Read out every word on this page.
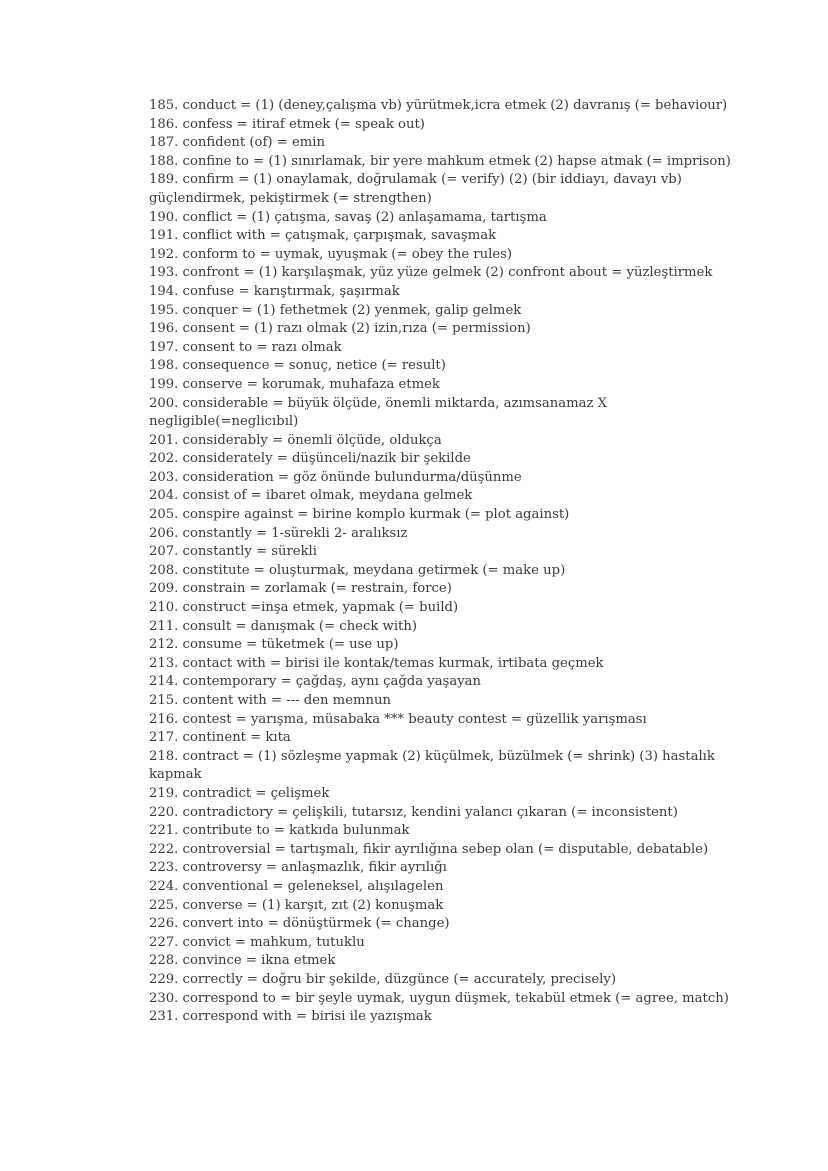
185. conduct = (1) (deney,çalışma vb) yürütmek,icra etmek (2) davranış (= behaviour)

186. confess = itiraf etmek (= speak out)

187. confident (of) = emin

188. confine to = (1) sınırlamak, bir yere mahkum etmek (2) hapse atmak (= imprison)

189. confirm = (1) onaylamak, doğrulamak (= verify) (2) (bir iddiayı, davayı vb) güçlendirmek, pekiştirmek (= strengthen)

190. conflict = (1) çatışma, savaş (2) anlaşamama, tartışma

191. conflict with = çatışmak, çarpışmak, savaşmak

192. conform to = uymak, uyuşmak (= obey the rules)

193. confront = (1) karşılaşmak, yüz yüze gelmek (2) confront about = yüzleştirmek

194. confuse = karıştırmak, şaşırmak

195. conquer = (1) fethetmek (2) yenmek, galip gelmek

196. consent = (1) razı olmak (2) izin,rıza (= permission)

197. consent to = razı olmak

198. consequence = sonuç, netice (= result)

199. conserve = korumak, muhafaza etmek

200. considerable = büyük ölçüde, önemli miktarda, azımsanamaz X negligible(=neglicıbıl)

201. considerably = önemli ölçüde, oldukça

202. considerately = düşünceli/nazik bir şekilde

203. consideration = göz önünde bulundurma/düşünme

204. consist of = ibaret olmak, meydana gelmek

205. conspire against = birine komplo kurmak (= plot against)

206. constantly = 1-sürekli 2- aralıksız

207. constantly = sürekli

208. constitute = oluşturmak, meydana getirmek (= make up)

209. constrain = zorlamak (= restrain, force)

210. construct =inşa etmek, yapmak (= build)

211. consult = danışmak (= check with)

212. consume = tüketmek (= use up)

213. contact with = birisi ile kontak/temas kurmak, irtibata geçmek

214. contemporary = çağdaş, aynı çağda yaşayan

215. content with = --- den memnun

216. contest = yarışma, müsabaka *** beauty contest = güzellik yarışması

217. continent = kıta

218. contract = (1) sözleşme yapmak (2) küçülmek, büzülmek (= shrink) (3) hastalık kapmak

219. contradict = çelişmek

220. contradictory = çelişkili, tutarsız, kendini yalancı çıkaran (= inconsistent)

221. contribute to = katkıda bulunmak

222. controversial = tartışmalı, fikir ayrılığına sebep olan (= disputable, debatable)

223. controversy = anlaşmazlık, fikir ayrılığı

224. conventional = geleneksel, alışılagelen

225. converse = (1) karşıt, zıt (2) konuşmak

226. convert into = dönüştürmek (= change)

227. convict = mahkum, tutuklu

228. convince = ikna etmek

229. correctly = doğru bir şekilde, düzgünce (= accurately, precisely)

230. correspond to = bir şeyle uymak, uygun düşmek, tekabül etmek (= agree, match)

231. correspond with = birisi ile yazışmak
